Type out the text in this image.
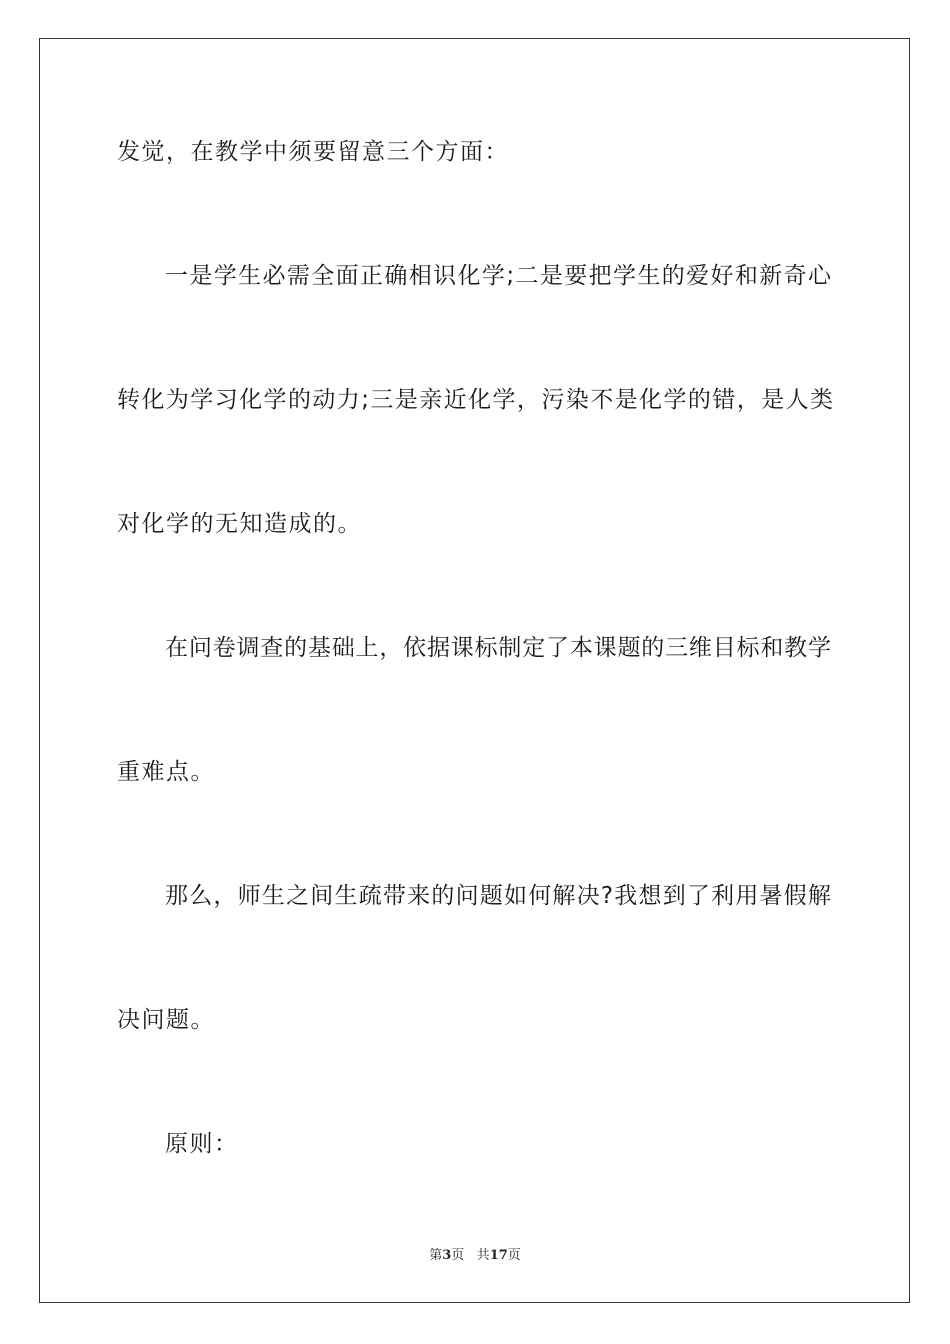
发觉，在教学中须要留意三个方面：
一是学生必需全面正确相识化学;二是要把学生的爱好和新奇心
转化为学习化学的动力;三是亲近化学，污染不是化学的错，是人类
对化学的无知造成的。
在问卷调查的基础上，依据课标制定了本课题的三维目标和教学
重难点。
那么，师生之间生疏带来的问题如何解决?我想到了利用暑假解
决问题。
原则：
第3页 共17页
